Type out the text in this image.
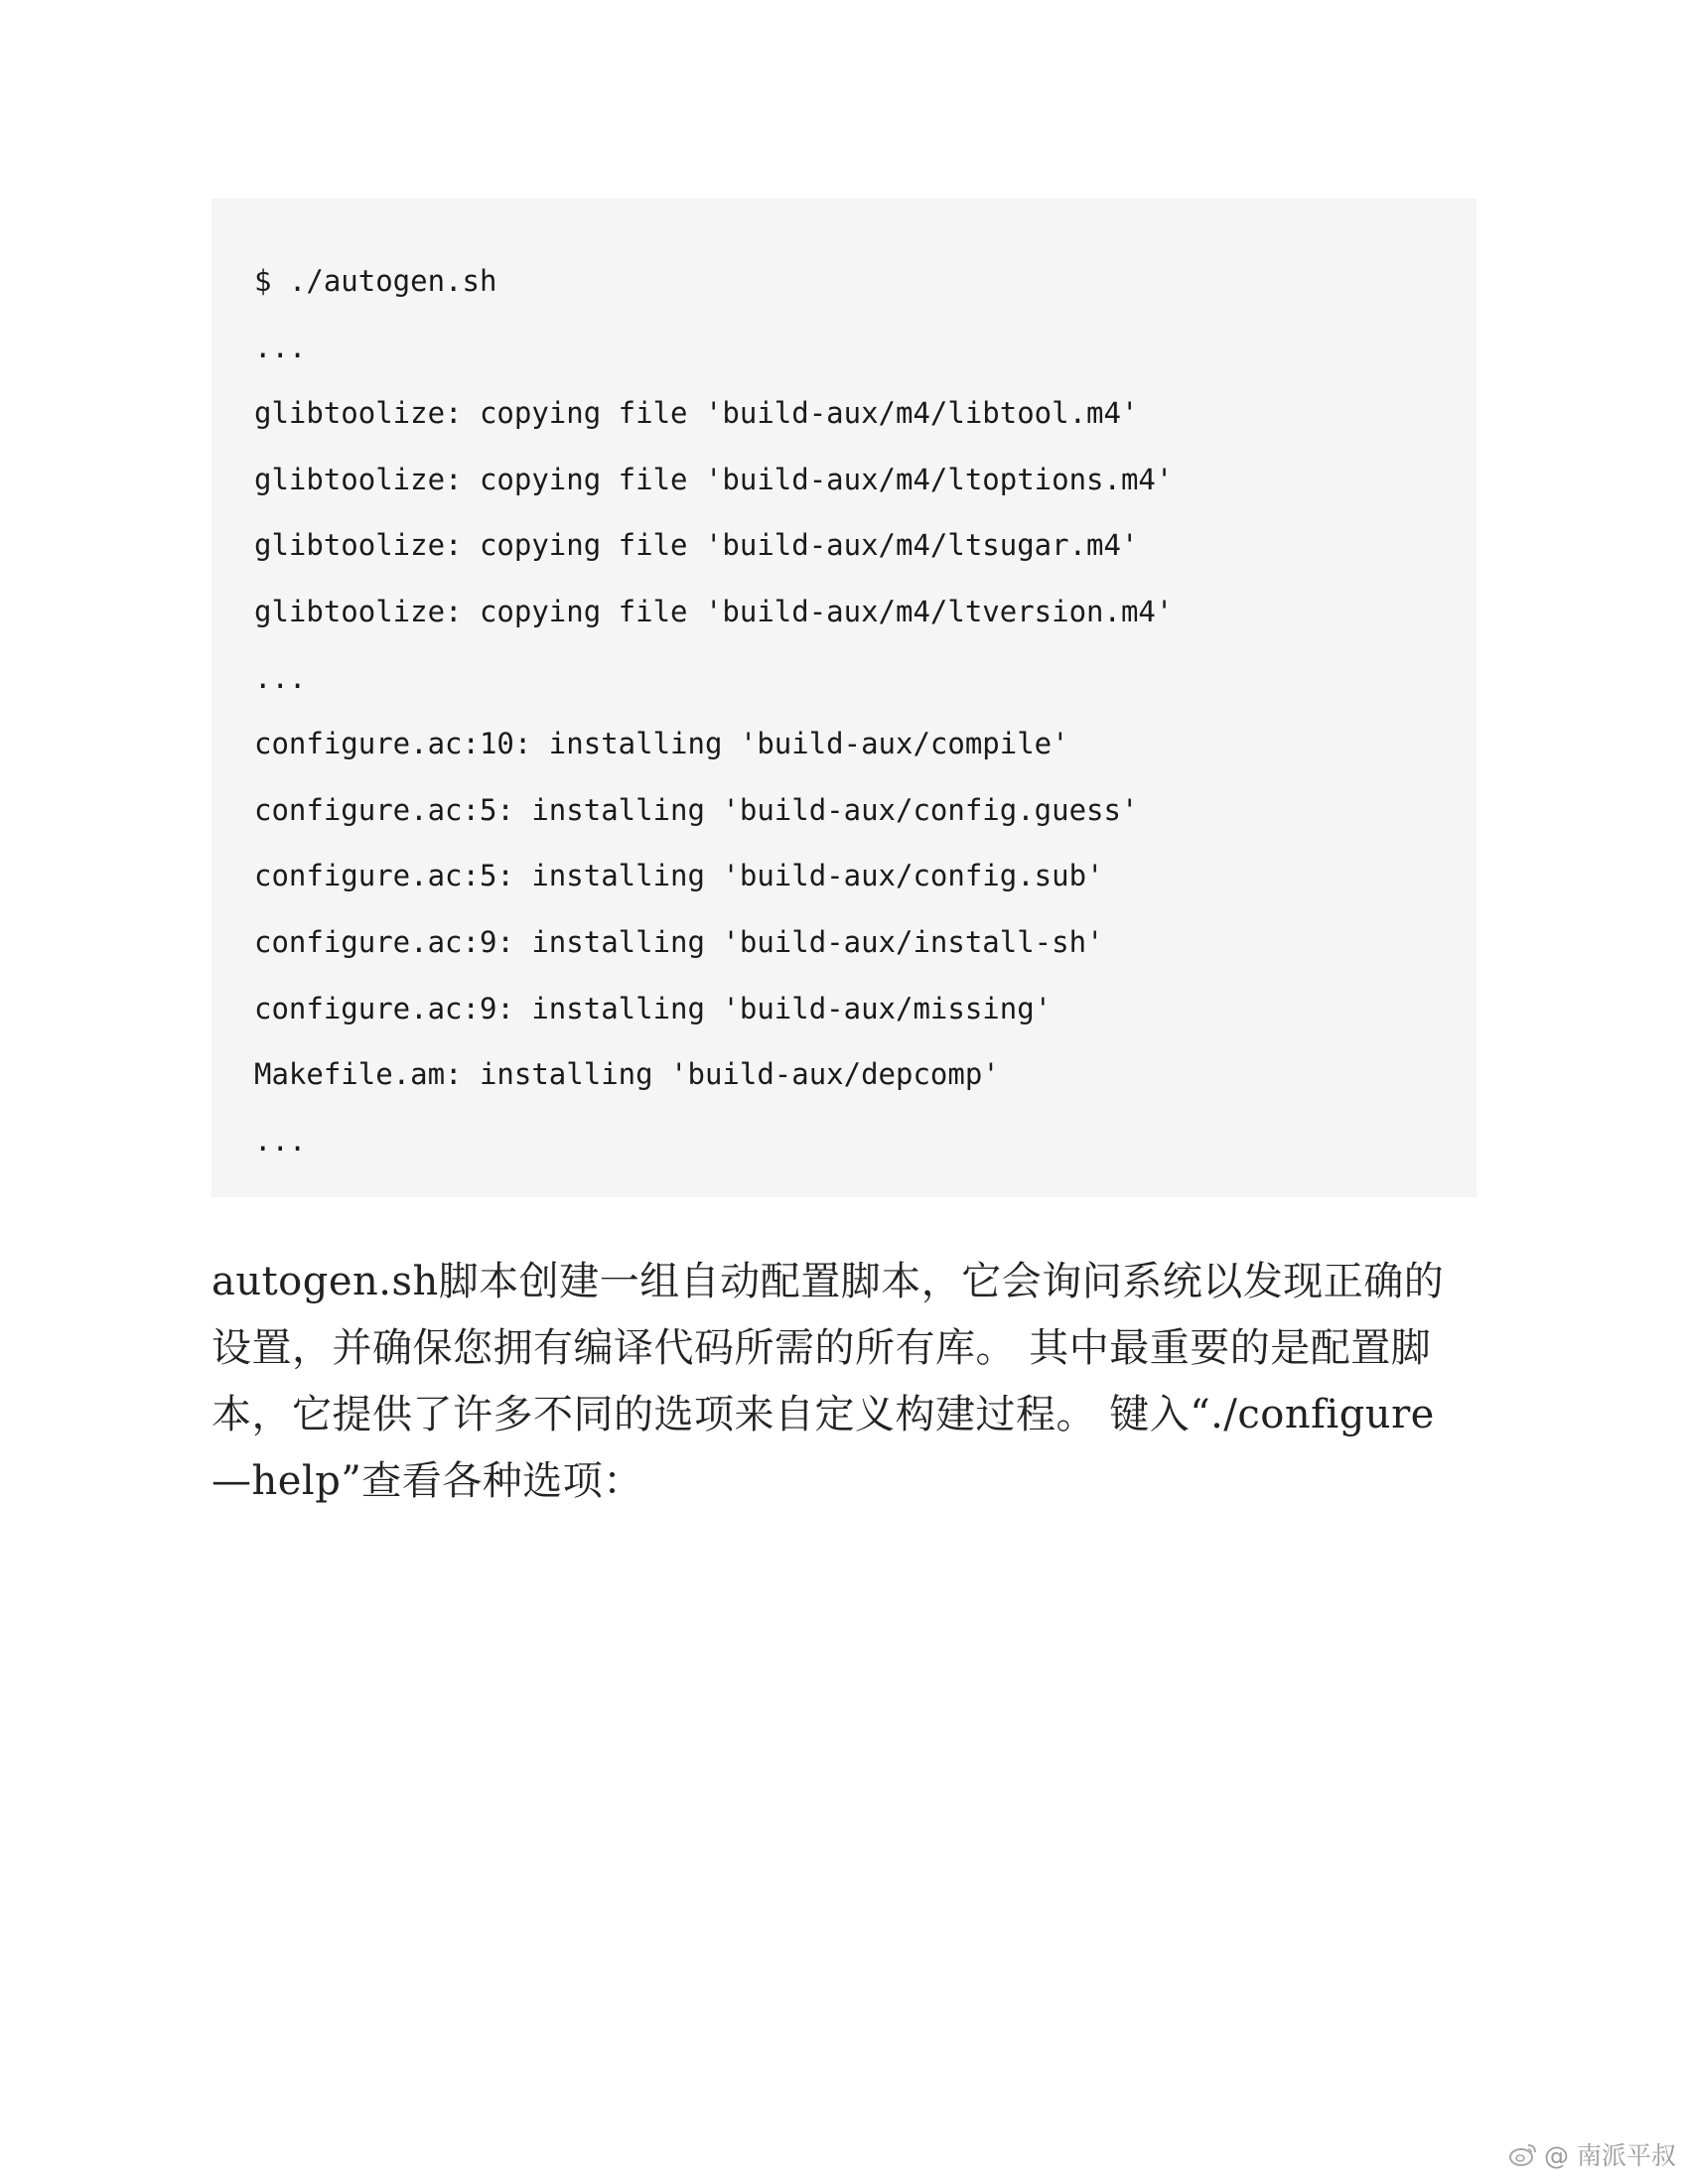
$ ./autogen.sh
...
glibtoolize: copying file 'build-aux/m4/libtool.m4'
glibtoolize: copying file 'build-aux/m4/ltoptions.m4'
glibtoolize: copying file 'build-aux/m4/ltsugar.m4'
glibtoolize: copying file 'build-aux/m4/ltversion.m4'
...
configure.ac:10: installing 'build-aux/compile'
configure.ac:5: installing 'build-aux/config.guess'
configure.ac:5: installing 'build-aux/config.sub'
configure.ac:9: installing 'build-aux/install-sh'
configure.ac:9: installing 'build-aux/missing'
Makefile.am: installing 'build-aux/depcomp'
...
autogen.sh脚本创建一组自动配置脚本，它会询问系统以发现正确的设置，并确保您拥有编译代码所需的所有库。 其中最重要的是配置脚本，它提供了许多不同的选项来自定义构建过程。 键入“./configure —help”查看各种选项：
@ 南派平叔
